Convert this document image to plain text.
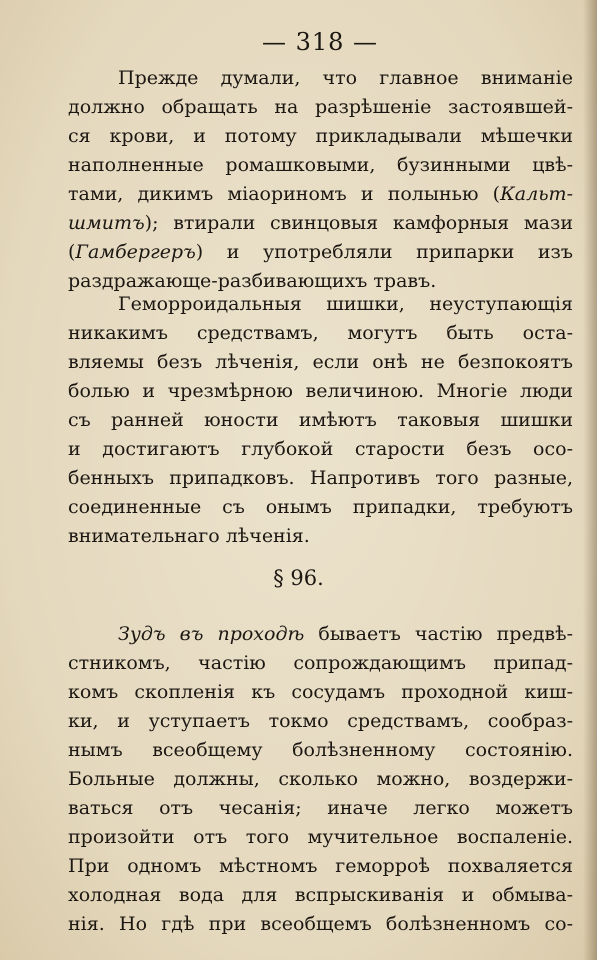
— 318 —
Прежде думали, что главное вниманіе
должно обращать на разрѣшеніе застоявшей-
ся крови, и потому прикладывали мѣшечки
наполненные ромашковыми, бузинными цвѣ-
тами, дикимъ міаориномъ и полынью (Кальт-
шмитъ); втирали свинцовыя камфорныя мази
(Гамбергеръ) и употребляли припарки изъ
раздражающе-разбивающихъ травъ.
Геморроидальныя шишки, неуступающія
никакимъ средствамъ, могутъ быть оста-
вляемы безъ лѣченія, если онѣ не безпокоятъ
болью и чрезмѣрною величиною. Многіе люди
съ ранней юности имѣютъ таковыя шишки
и достигаютъ глубокой старости безъ осо-
бенныхъ припадковъ. Напротивъ того разные,
соединенные съ онымъ припадки, требуютъ
внимательнаго лѣченія.
§ 96.
Зудъ въ проходѣ бываетъ частію предвѣ-
стникомъ, частію сопрождающимъ припад-
комъ скопленія къ сосудамъ проходной киш-
ки, и уступаетъ токмо средствамъ, сообраз-
нымъ всеобщему болѣзненному состоянію.
Больные должны, сколько можно, воздержи-
ваться отъ чесанія; иначе легко можетъ
произойти отъ того мучительное воспаленіе.
При одномъ мѣстномъ геморроѣ похваляется
холодная вода для вспрыскиванія и обмыва-
нія. Но гдѣ при всеобщемъ болѣзненномъ со-
